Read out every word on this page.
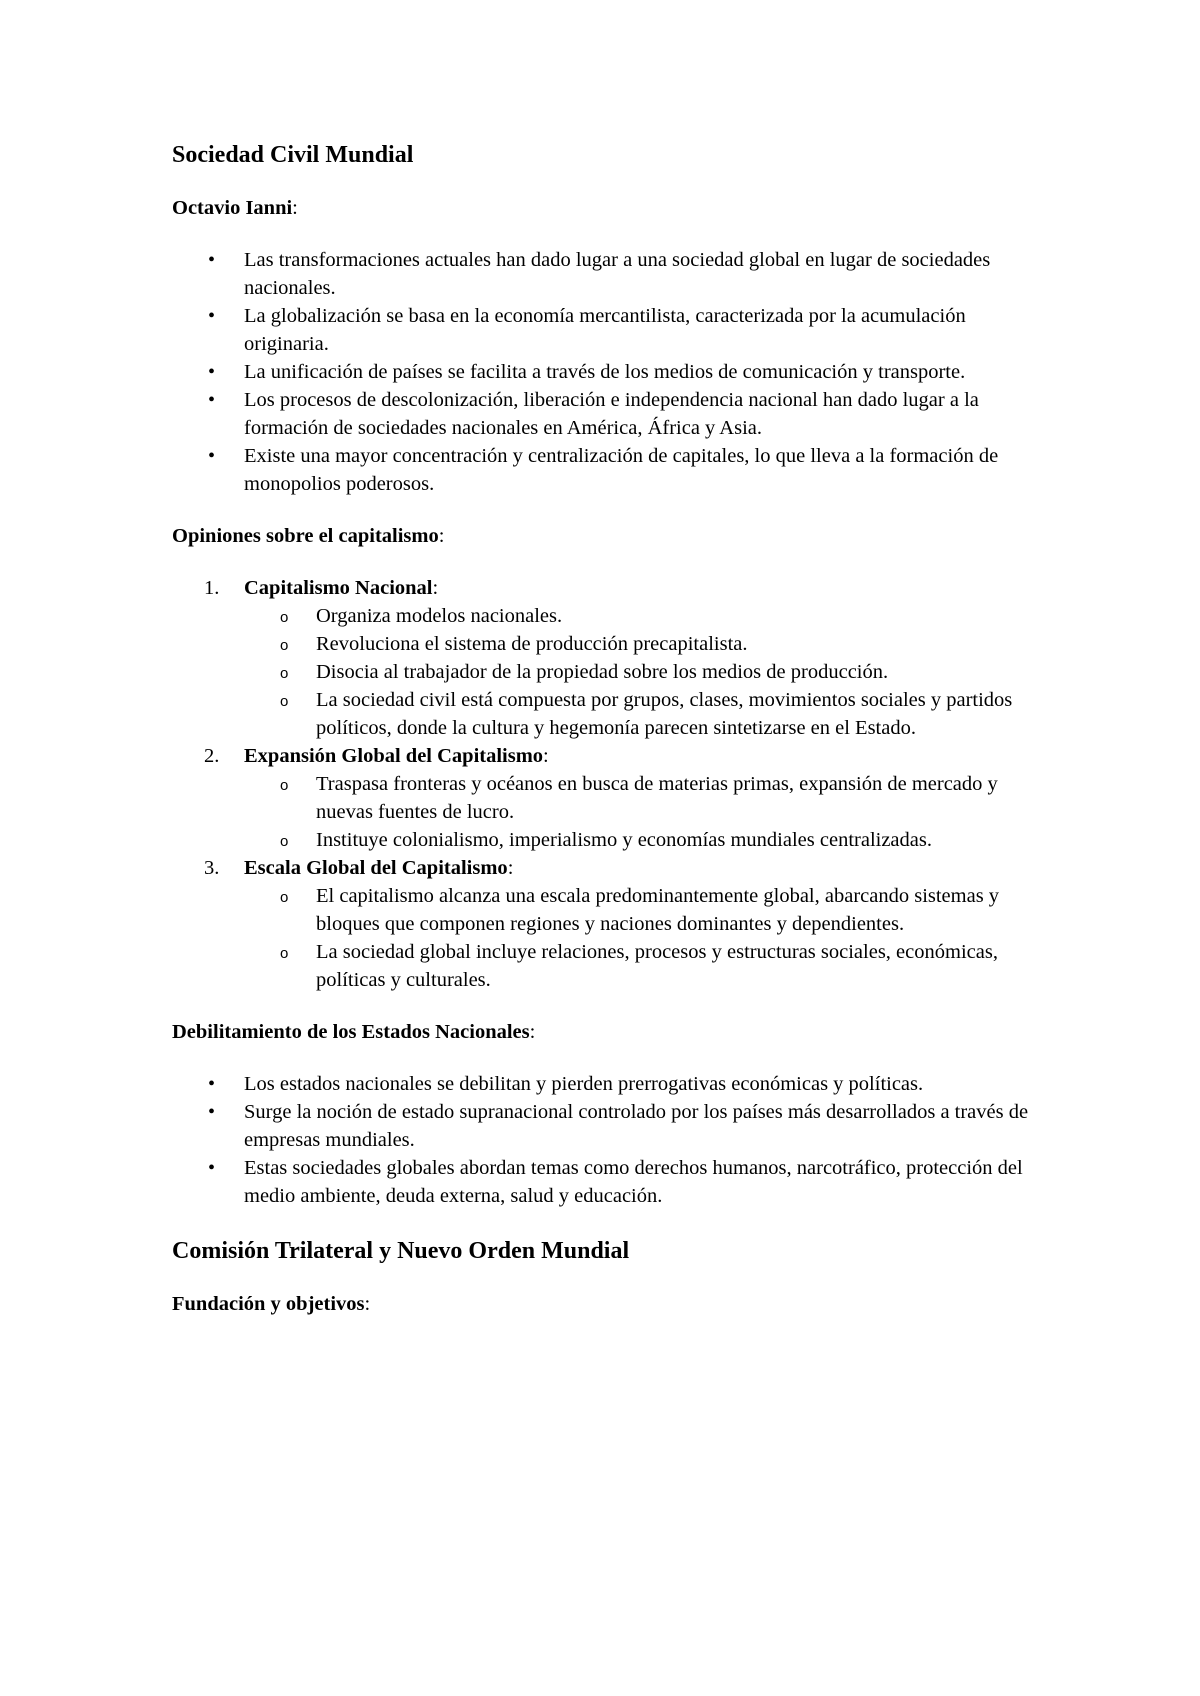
Sociedad Civil Mundial

Octavio Ianni:

• Las transformaciones actuales han dado lugar a una sociedad global en lugar de sociedades nacionales.
• La globalización se basa en la economía mercantilista, caracterizada por la acumulación originaria.
• La unificación de países se facilita a través de los medios de comunicación y transporte.
• Los procesos de descolonización, liberación e independencia nacional han dado lugar a la formación de sociedades nacionales en América, África y Asia.
• Existe una mayor concentración y centralización de capitales, lo que lleva a la formación de monopolios poderosos.

Opiniones sobre el capitalismo:

1. Capitalismo Nacional:
o Organiza modelos nacionales.
o Revoluciona el sistema de producción precapitalista.
o Disocia al trabajador de la propiedad sobre los medios de producción.
o La sociedad civil está compuesta por grupos, clases, movimientos sociales y partidos políticos, donde la cultura y hegemonía parecen sintetizarse en el Estado.
2. Expansión Global del Capitalismo:
o Traspasa fronteras y océanos en busca de materias primas, expansión de mercado y nuevas fuentes de lucro.
o Instituye colonialismo, imperialismo y economías mundiales centralizadas.
3. Escala Global del Capitalismo:
o El capitalismo alcanza una escala predominantemente global, abarcando sistemas y bloques que componen regiones y naciones dominantes y dependientes.
o La sociedad global incluye relaciones, procesos y estructuras sociales, económicas, políticas y culturales.

Debilitamiento de los Estados Nacionales:

• Los estados nacionales se debilitan y pierden prerrogativas económicas y políticas.
• Surge la noción de estado supranacional controlado por los países más desarrollados a través de empresas mundiales.
• Estas sociedades globales abordan temas como derechos humanos, narcotráfico, protección del medio ambiente, deuda externa, salud y educación.
Comisión Trilateral y Nuevo Orden Mundial

Fundación y objetivos:
